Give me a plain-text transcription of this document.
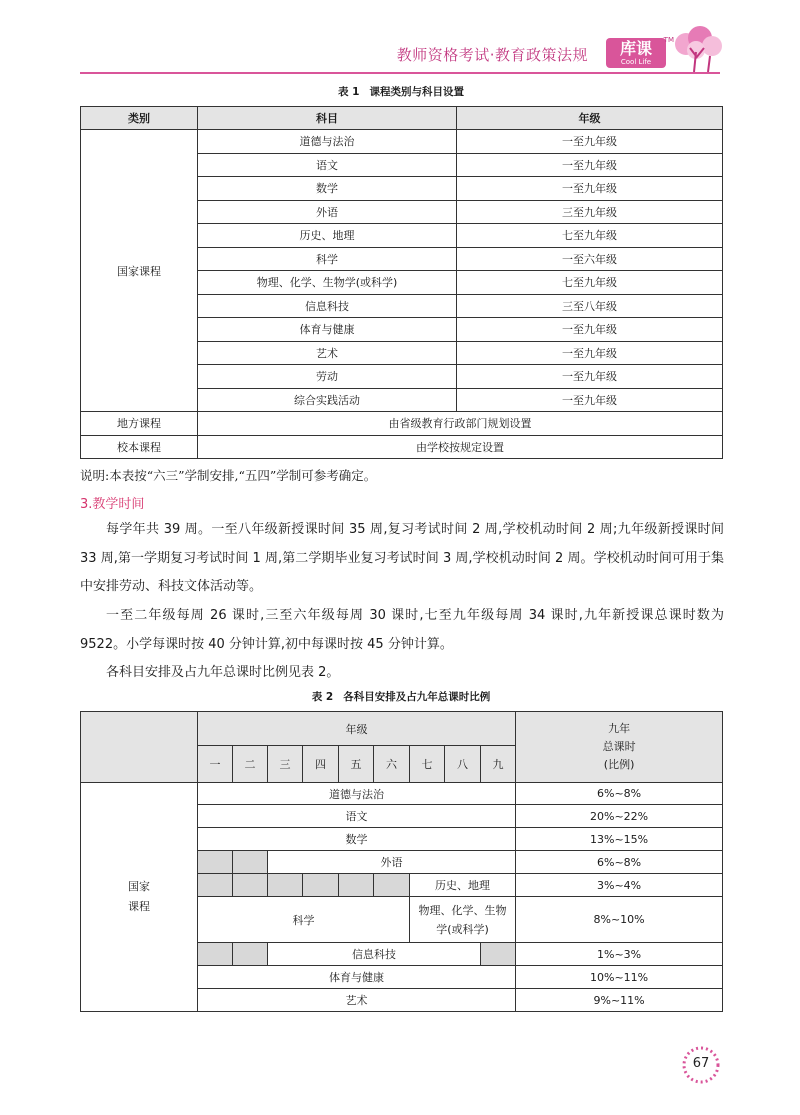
教师资格考试·教育政策法规	库课
Cool Life
TM
表 1 课程类别与科目设置
类别	科目	年级
国家课程	道德与法治	一至九年级
	语文	一至九年级
	数学	一至九年级
	外语	三至九年级
	历史、地理	七至九年级
	科学	一至六年级
	物理、化学、生物学(或科学)	七至九年级
	信息科技	三至八年级
	体育与健康	一至九年级
	艺术	一至九年级
	劳动	一至九年级
	综合实践活动	一至九年级
地方课程	由省级教育行政部门规划设置	
校本课程	由学校按规定设置	
说明:本表按“六三”学制安排,“五四”学制可参考确定。
3.教学时间
每学年共 39 周。一至八年级新授课时间 35 周,复习考试时间 2 周,学校机动时间 2 周;九年级新授课时间 33 周,第一学期复习考试时间 1 周,第二学期毕业复习考试时间 3 周,学校机动时间 2 周。学校机动时间可用于集中安排劳动、科技文体活动等。
一至二年级每周 26 课时,三至六年级每周 30 课时,七至九年级每周 34 课时,九年新授课总课时数为 9522。小学每课时按 40 分钟计算,初中每课时按 45 分钟计算。
各科目安排及占九年总课时比例见表 2。
表 2 各科目安排及占九年总课时比例
	年级									九年
总课时
(比例)

	一	二	三	四	五	六	七	八	九	

国家
课程	道德与法治									6%~8%
	语文									20%~22%
	数学									13%~15%
			外语							6%~8%
							历史、地理			3%~4%
	科学						物理、化学、生物
学(或科学)			8%~10%
			信息科技							1%~3%
	体育与健康									10%~11%
	艺术									9%~11%
67
